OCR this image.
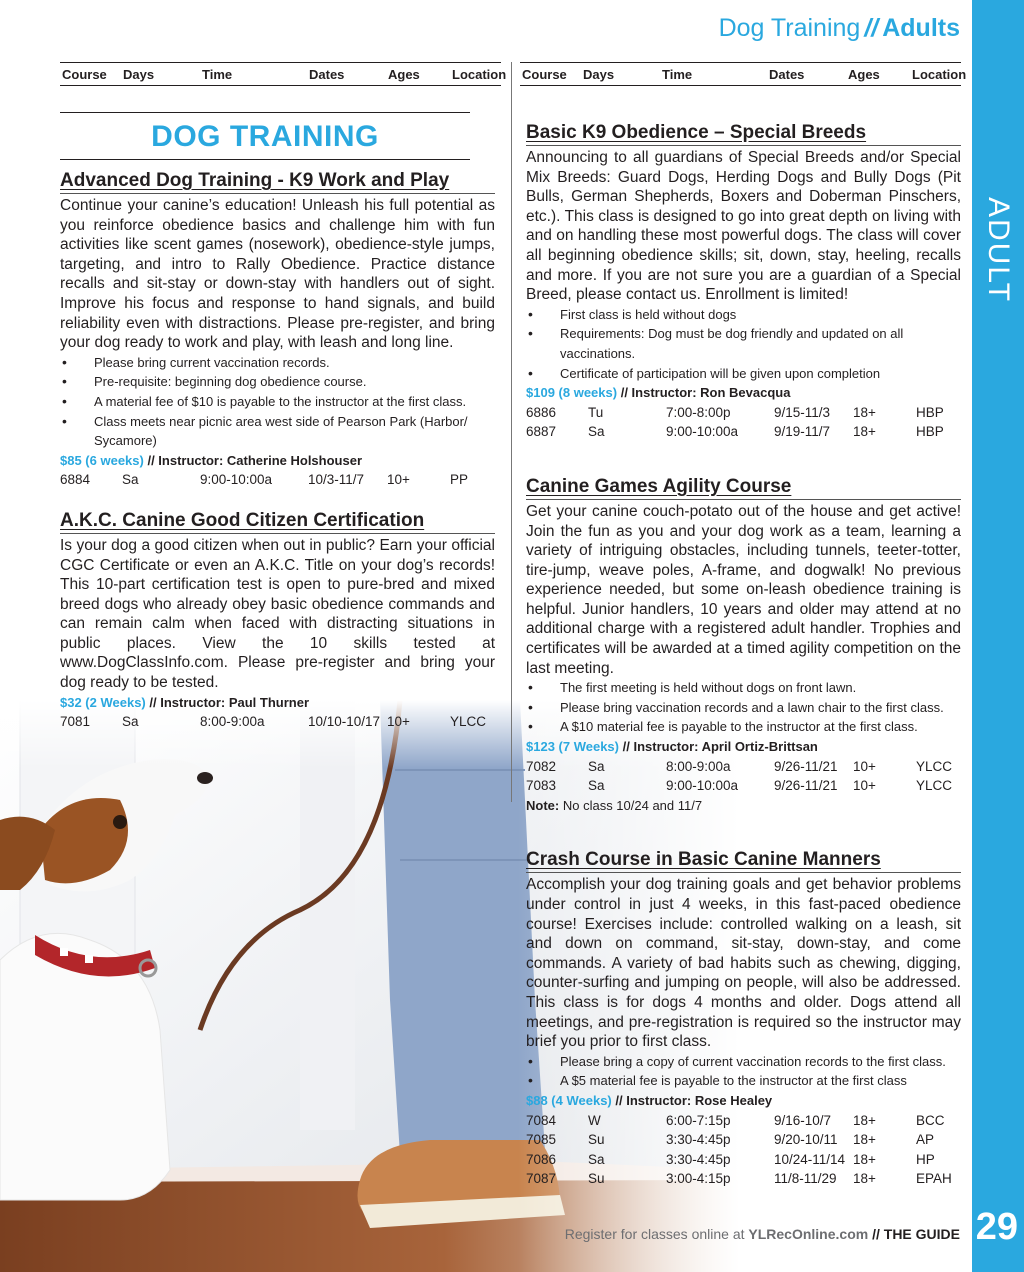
ADULT
Dog Training // Adults
Course Days	Time	Dates	Ages Location Course Days	Time	Dates	Ages Location
DOG TRAINING
Advanced Dog Training - K9 Work and Play

Continue your canine’s education! Unleash his full potential as you reinforce obedience basics and challenge him with fun activities like scent games (nosework), obedience-style jumps, targeting, and intro to Rally Obedience. Practice distance recalls and sit-stay or down-stay with handlers out of sight. Improve his focus and response to hand signals, and build reliability even with distractions. Please pre-register, and bring your dog ready to work and play, with leash and long line.

• Please bring current vaccination records.
• Pre-requisite: beginning dog obedience course.
• A material fee of $10 is payable to the instructor at the first class.
• Class meets near picnic area west side of Pearson Park (Harbor/ Sycamore)
$85 (6 weeks) // Instructor: Catherine Holshouser
6884	Sa	9:00-10:00a	10/3-11/7	10+	PP
A.K.C. Canine Good Citizen Certification

Is your dog a good citizen when out in public? Earn your official CGC Certificate or even an A.K.C. Title on your dog’s records! This 10-part certification test is open to pure-bred and mixed breed dogs who already obey basic obedience commands and can remain calm when faced with distracting situations in public places. View the 10 skills tested at www.DogClassInfo.com. Please pre-register and bring your dog ready to be tested.

$32 (2 Weeks) // Instructor: Paul Thurner
7081	Sa	8:00-9:00a	10/10-10/17	10+	YLCC
Basic K9 Obedience – Special Breeds

Announcing to all guardians of Special Breeds and/or Special Mix Breeds: Guard Dogs, Herding Dogs and Bully Dogs (Pit Bulls, German Shepherds, Boxers and Doberman Pinschers, etc.). This class is designed to go into great depth on living with and on handling these most powerful dogs. The class will cover all beginning obedience skills; sit, down, stay, heeling, recalls and more. If you are not sure you are a guardian of a Special Breed, please contact us. Enrollment is limited!

• First class is held without dogs
• Requirements: Dog must be dog friendly and updated on all vaccinations.
• Certificate of participation will be given upon completion
$109 (8 weeks) // Instructor: Ron Bevacqua
6886	Tu	7:00-8:00p	9/15-11/3	18+	HBP
6887	Sa	9:00-10:00a	9/19-11/7	18+	HBP
Canine Games Agility Course

Get your canine couch-potato out of the house and get active! Join the fun as you and your dog work as a team, learning a variety of intriguing obstacles, including tunnels, teeter-totter, tire-jump, weave poles, A-frame, and dogwalk! No previous experience needed, but some on-leash obedience training is helpful. Junior handlers, 10 years and older may attend at no additional charge with a registered adult handler. Trophies and certificates will be awarded at a timed agility competition on the last meeting.

• The first meeting is held without dogs on front lawn.
• Please bring vaccination records and a lawn chair to the first class.
• A $10 material fee is payable to the instructor at the first class.
$123 (7 Weeks) // Instructor: April Ortiz-Brittsan
7082	Sa	8:00-9:00a	9/26-11/21	10+	YLCC
7083	Sa	9:00-10:00a	9/26-11/21	10+	YLCC
Note: No class 10/24 and 11/7
Crash Course in Basic Canine Manners

Accomplish your dog training goals and get behavior problems under control in just 4 weeks, in this fast-paced obedience course! Exercises include: controlled walking on a leash, sit and down on command, sit-stay, down-stay, and come commands. A variety of bad habits such as chewing, digging, counter-surfing and jumping on people, will also be addressed. This class is for dogs 4 months and older. Dogs attend all meetings, and pre-registration is required so the instructor may brief you prior to first class.

• Please bring a copy of current vaccination records to the first class.
• A $5 material fee is payable to the instructor at the first class
$88 (4 Weeks) // Instructor: Rose Healey
7084	W	6:00-7:15p	9/16-10/7	18+	BCC
7085	Su	3:30-4:45p	9/20-10/11	18+	AP
7086	Sa	3:30-4:45p	10/24-11/14	18+	HP
7087	Su	3:00-4:15p	11/8-11/29	18+	EPAH
Register for classes online at YLRecOnline.com // THE GUIDE 29
